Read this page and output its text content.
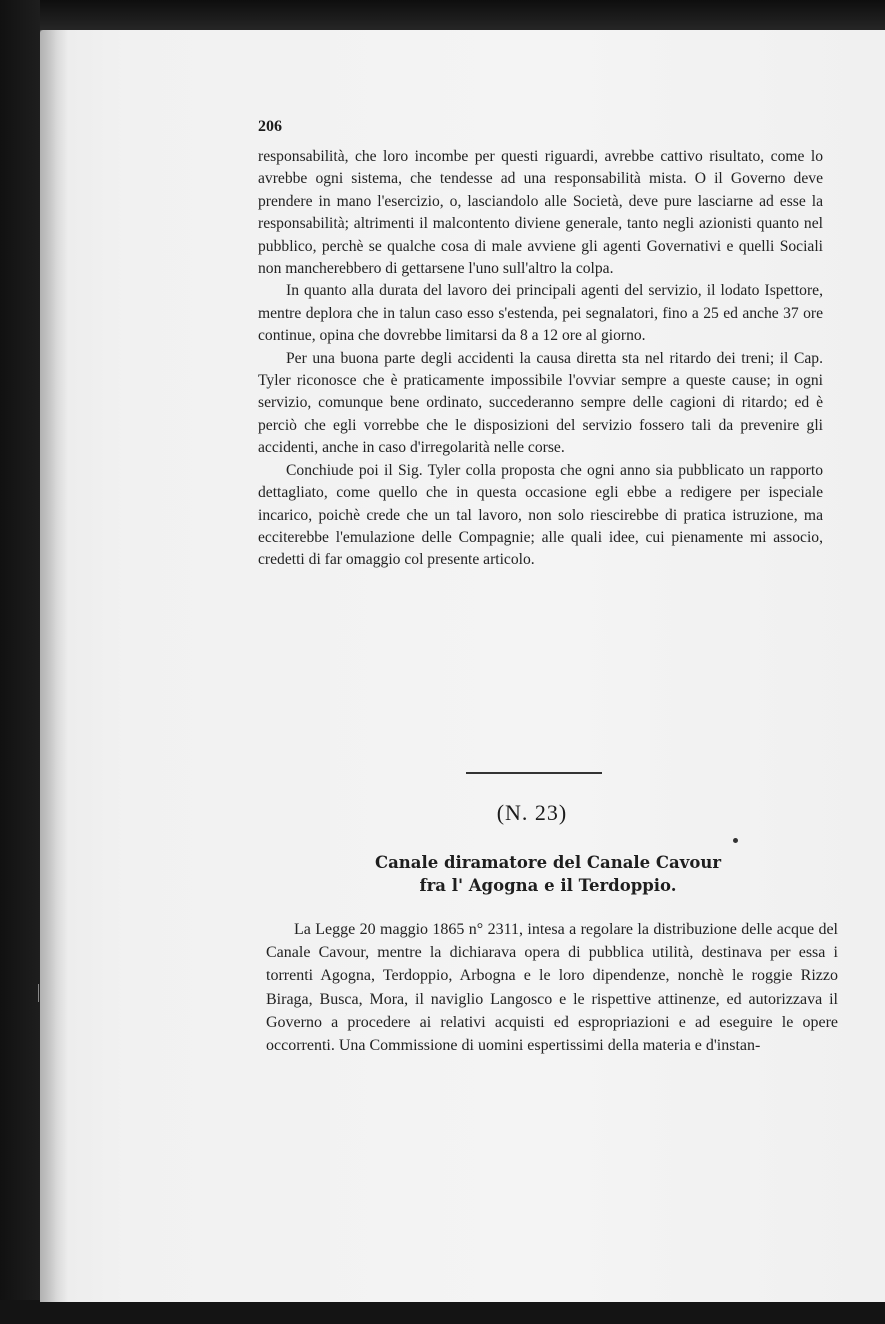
206

responsabilità, che loro incombe per questi riguardi, avrebbe cattivo risultato, come lo avrebbe ogni sistema, che tendesse ad una responsabilità mista. O il Governo deve prendere in mano l'esercizio, o, lasciandolo alle Società, deve pure lasciarne ad esse la responsabilità; altrimenti il malcontento diviene generale, tanto negli azionisti quanto nel pubblico, perchè se qualche cosa di male avviene gli agenti Governativi e quelli Sociali non mancherebbero di gettarsene l'uno sull'altro la colpa.

In quanto alla durata del lavoro dei principali agenti del servizio, il lodato Ispettore, mentre deplora che in talun caso esso s'estenda, pei segnalatori, fino a 25 ed anche 37 ore continue, opina che dovrebbe limitarsi da 8 a 12 ore al giorno.

Per una buona parte degli accidenti la causa diretta sta nel ritardo dei treni; il Cap. Tyler riconosce che è praticamente impossibile l'ovviar sempre a queste cause; in ogni servizio, comunque bene ordinato, succederanno sempre delle cagioni di ritardo; ed è perciò che egli vorrebbe che le disposizioni del servizio fossero tali da prevenire gli accidenti, anche in caso d'irregolarità nelle corse.

Conchiude poi il Sig. Tyler colla proposta che ogni anno sia pubblicato un rapporto dettagliato, come quello che in questa occasione egli ebbe a redigere per ispeciale incarico, poichè crede che un tal lavoro, non solo riescirebbe di pratica istruzione, ma ecciterebbe l'emulazione delle Compagnie; alle quali idee, cui pienamente mi associo, credetti di far omaggio col presente articolo.

(N. 23)
Canale diramatore del Canale Cavour
fra l' Agogna e il Terdoppio.

La Legge 20 maggio 1865 n° 2311, intesa a regolare la distribuzione delle acque del Canale Cavour, mentre la dichiarava opera di pubblica utilità, destinava per essa i torrenti Agogna, Terdoppio, Arbogna e le loro dipendenze, nonchè le roggie Rizzo Biraga, Busca, Mora, il naviglio Langosco e le rispettive attinenze, ed autorizzava il Governo a procedere ai relativi acquisti ed espropriazioni e ad eseguire le opere occorrenti. Una Commissione di uomini espertissimi della materia e d'instan-
